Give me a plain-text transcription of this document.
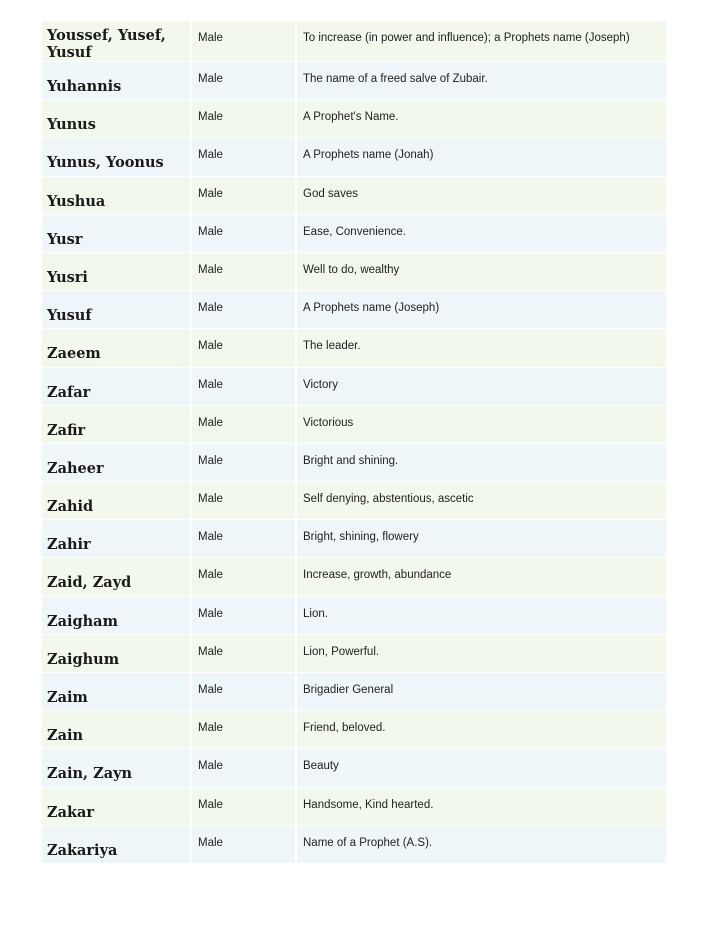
Youssef, Yusef, Yusuf	Male	To increase (in power and influence); a Prophets name (Joseph)
Yuhannis	Male	The name of a freed salve of Zubair.
Yunus	Male	A Prophet's Name.
Yunus, Yoonus	Male	A Prophets name (Jonah)
Yushua	Male	God saves
Yusr	Male	Ease, Convenience.
Yusri	Male	Well to do, wealthy
Yusuf	Male	A Prophets name (Joseph)
Zaeem	Male	The leader.
Zafar	Male	Victory
Zafir	Male	Victorious
Zaheer	Male	Bright and shining.
Zahid	Male	Self denying, abstentious, ascetic
Zahir	Male	Bright, shining, flowery
Zaid, Zayd	Male	Increase, growth, abundance
Zaigham	Male	Lion.
Zaighum	Male	Lion, Powerful.
Zaim	Male	Brigadier General
Zain	Male	Friend, beloved.
Zain, Zayn	Male	Beauty
Zakar	Male	Handsome, Kind hearted.
Zakariya	Male	Name of a Prophet (A.S).
